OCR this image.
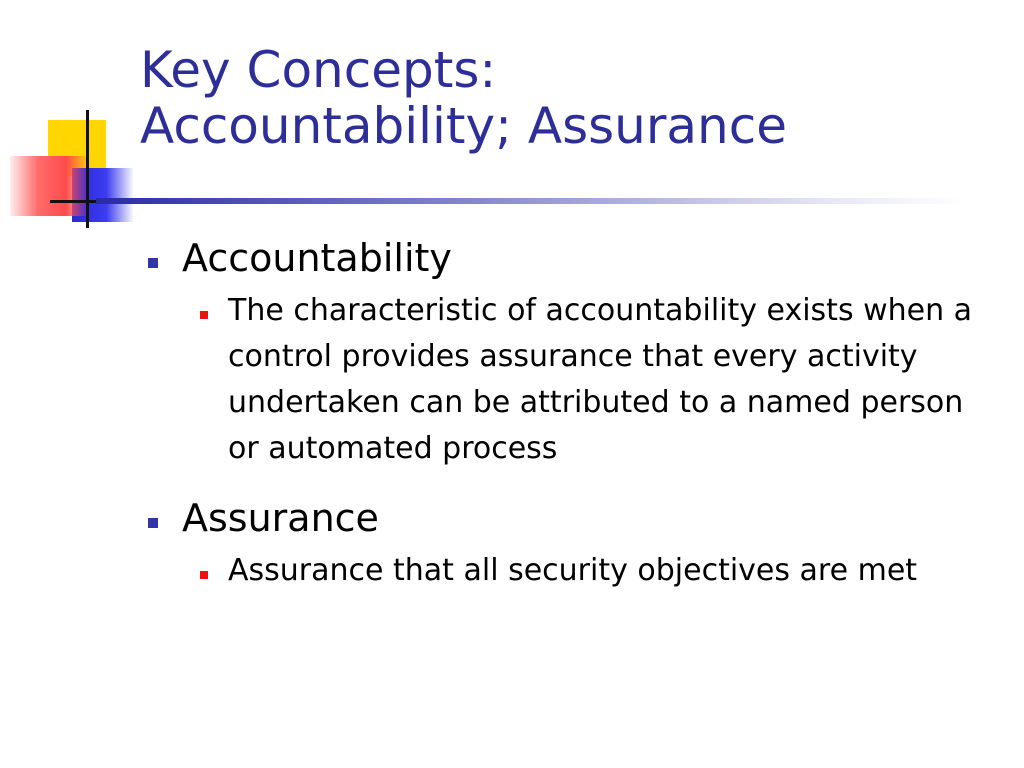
Key Concepts:
Accountability; Assurance
Accountability
The characteristic of accountability exists when a control provides assurance that every activity undertaken can be attributed to a named person or automated process
Assurance
Assurance that all security objectives are met
